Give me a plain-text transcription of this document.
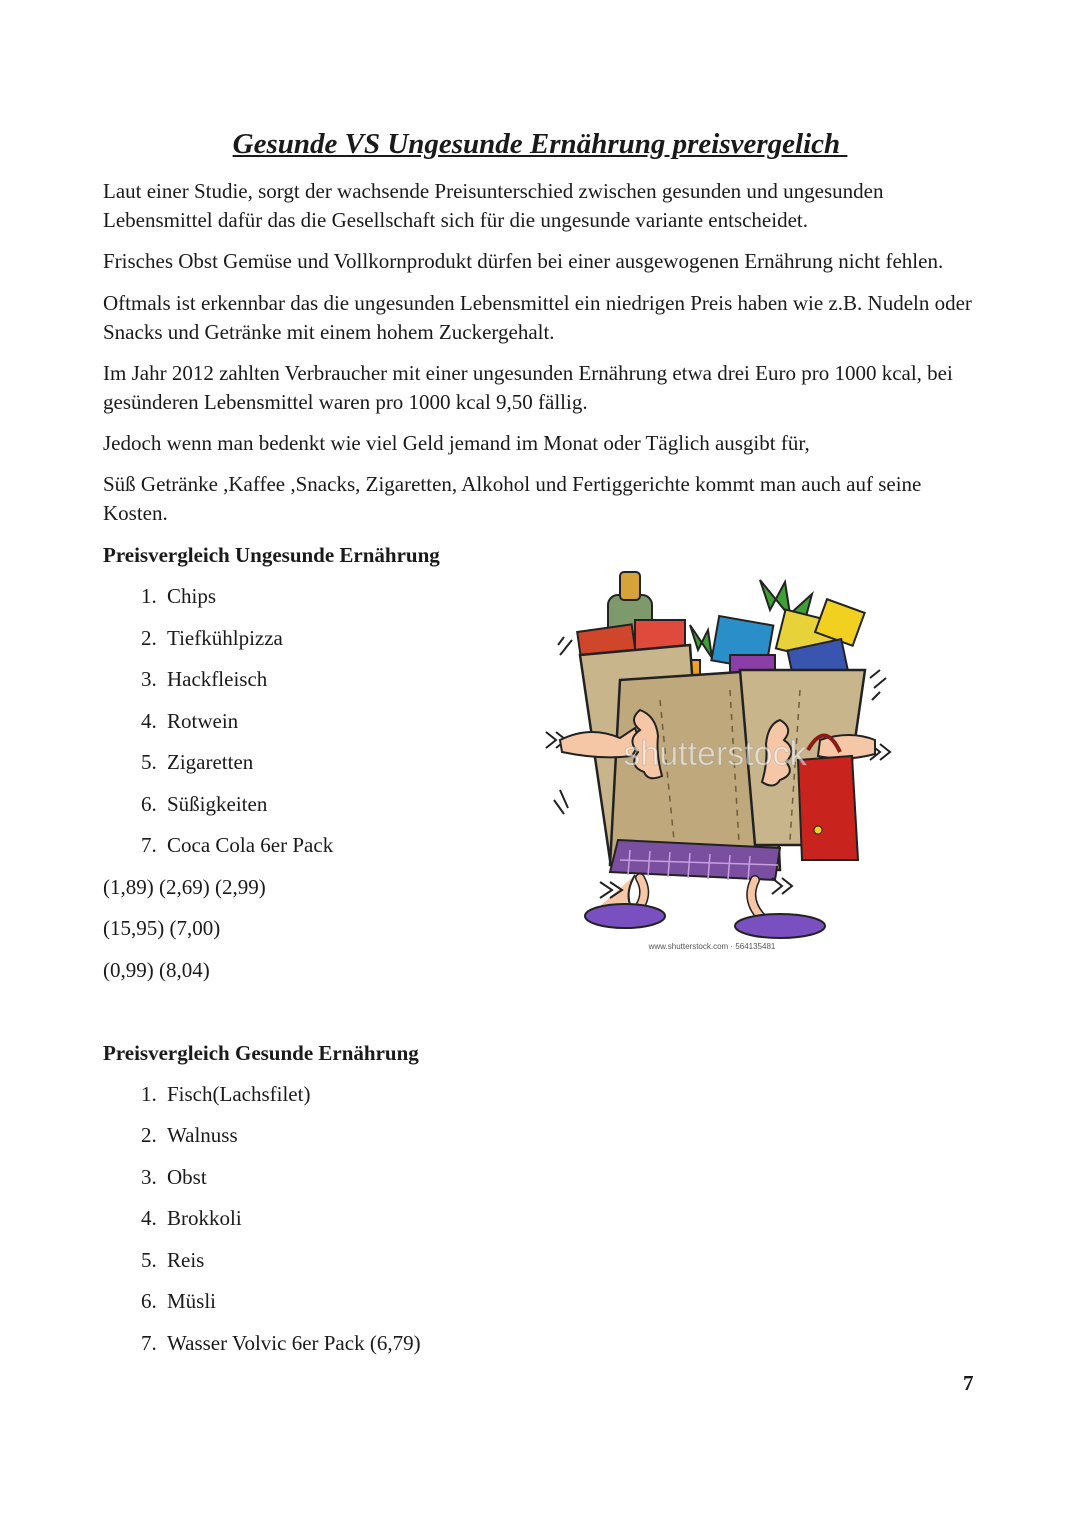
Gesunde VS Ungesunde Ernährung preisvergelich

Laut einer Studie, sorgt der wachsende Preisunterschied zwischen gesunden und ungesunden Lebensmittel dafür das die Gesellschaft sich für die ungesunde variante entscheidet.

Frisches Obst Gemüse und Vollkornprodukt dürfen bei einer ausgewogenen Ernährung nicht fehlen.

Oftmals ist erkennbar das die ungesunden Lebensmittel ein niedrigen Preis haben wie z.B. Nudeln oder Snacks und Getränke mit einem hohem Zuckergehalt.

Im Jahr 2012 zahlten Verbraucher mit einer ungesunden Ernährung etwa drei Euro pro 1000 kcal, bei gesünderen Lebensmittel waren pro 1000 kcal 9,50 fällig.

Jedoch wenn man bedenkt wie viel Geld jemand im Monat oder Täglich ausgibt für,

Süß Getränke ,Kaffee ,Snacks, Zigaretten, Alkohol und Fertiggerichte kommt man auch auf seine Kosten.

Preisvergleich Ungesunde Ernährung

1. Chips
2. Tiefkühlpizza
3. Hackfleisch
4. Rotwein
5. Zigaretten
6. Süßigkeiten
7. Coca Cola 6er Pack

(1,89) (2,69) (2,99)

(15,95) (7,00)

(0,99) (8,04)

shutterstock
www.shutterstock.com · 564135481

Preisvergleich Gesunde Ernährung

1. Fisch(Lachsfilet)
2. Walnuss
3. Obst
4. Brokkoli
5. Reis
6. Müsli
7. Wasser Volvic 6er Pack (6,79)

7
